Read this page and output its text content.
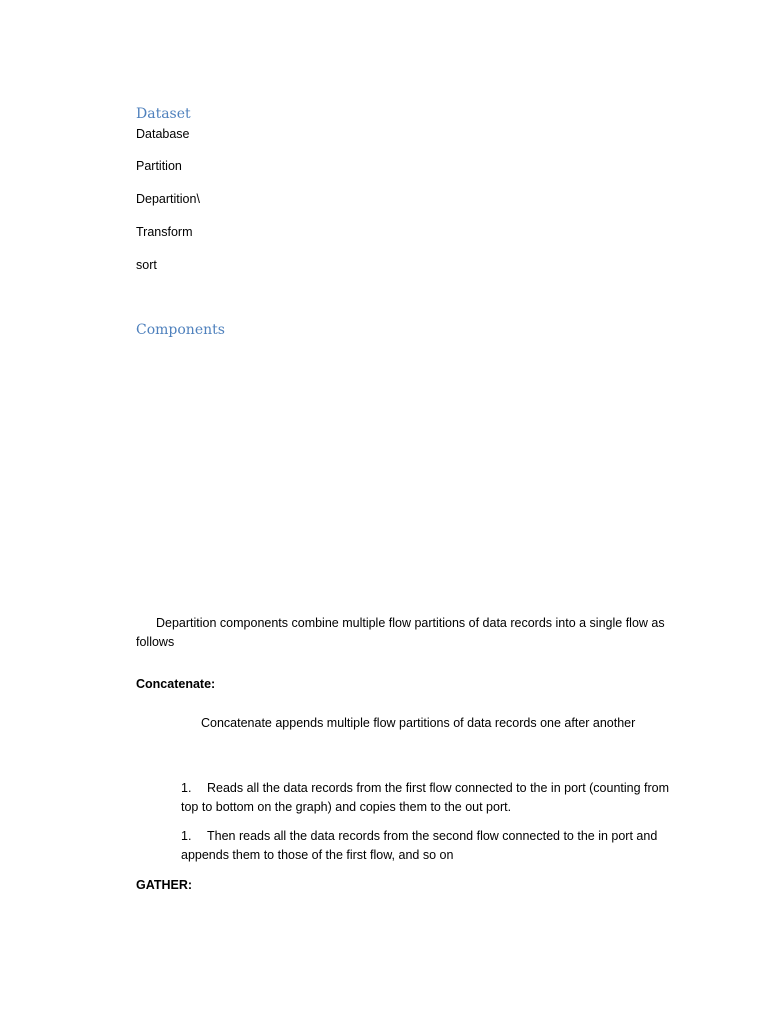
Dataset
Database
Partition
Departition\
Transform
sort
Components
Departition components combine multiple flow partitions of data records into a single flow as follows
Concatenate:
Concatenate appends multiple flow partitions of data records one after another
1. Reads all the data records from the first flow connected to the in port (counting from top to bottom on the graph) and copies them to the out port.
1. Then reads all the data records from the second flow connected to the in port and appends them to those of the first flow, and so on
GATHER:
